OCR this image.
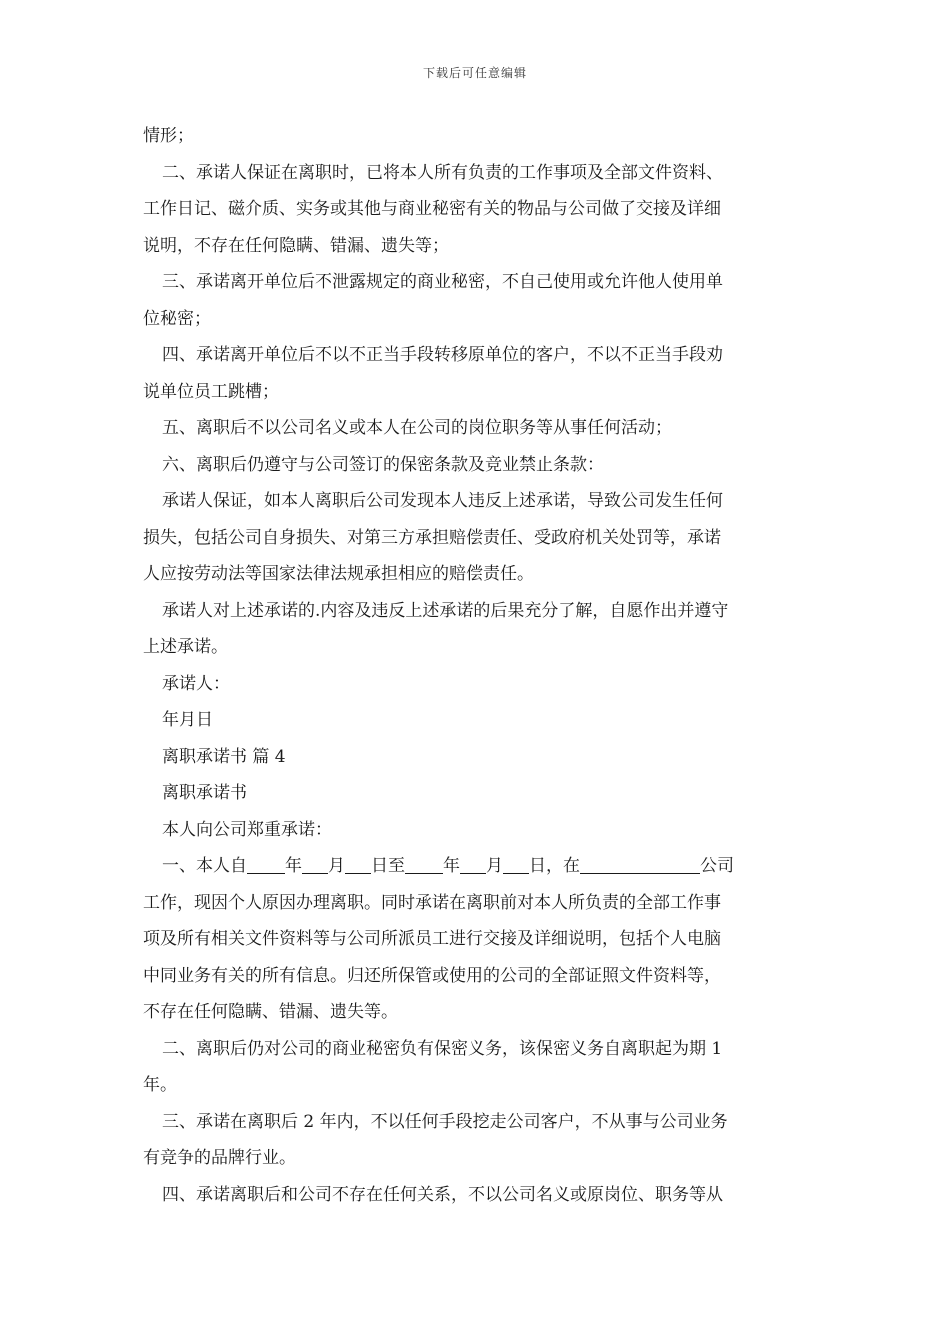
下载后可任意编辑
情形；
二、承诺人保证在离职时，已将本人所有负责的工作事项及全部文件资料、
工作日记、磁介质、实务或其他与商业秘密有关的物品与公司做了交接及详细
说明，不存在任何隐瞒、错漏、遗失等；
三、承诺离开单位后不泄露规定的商业秘密，不自己使用或允许他人使用单
位秘密；
四、承诺离开单位后不以不正当手段转移原单位的客户，不以不正当手段劝
说单位员工跳槽；
五、离职后不以公司名义或本人在公司的岗位职务等从事任何活动；
六、离职后仍遵守与公司签订的保密条款及竞业禁止条款：
承诺人保证，如本人离职后公司发现本人违反上述承诺，导致公司发生任何
损失，包括公司自身损失、对第三方承担赔偿责任、受政府机关处罚等，承诺
人应按劳动法等国家法律法规承担相应的赔偿责任。
承诺人对上述承诺的.内容及违反上述承诺的后果充分了解，自愿作出并遵守
上述承诺。
承诺人：
年月日
离职承诺书 篇 4
离职承诺书
本人向公司郑重承诺：
一、本人自 年 月 日至 年 月 日，在	公司
工作，现因个人原因办理离职。同时承诺在离职前对本人所负责的全部工作事
项及所有相关文件资料等与公司所派员工进行交接及详细说明，包括个人电脑
中同业务有关的所有信息。归还所保管或使用的公司的全部证照文件资料等，
不存在任何隐瞒、错漏、遗失等。
二、离职后仍对公司的商业秘密负有保密义务，该保密义务自离职起为期 1
年。
三、承诺在离职后 2 年内，不以任何手段挖走公司客户，不从事与公司业务
有竞争的品牌行业。
四、承诺离职后和公司不存在任何关系，不以公司名义或原岗位、职务等从
